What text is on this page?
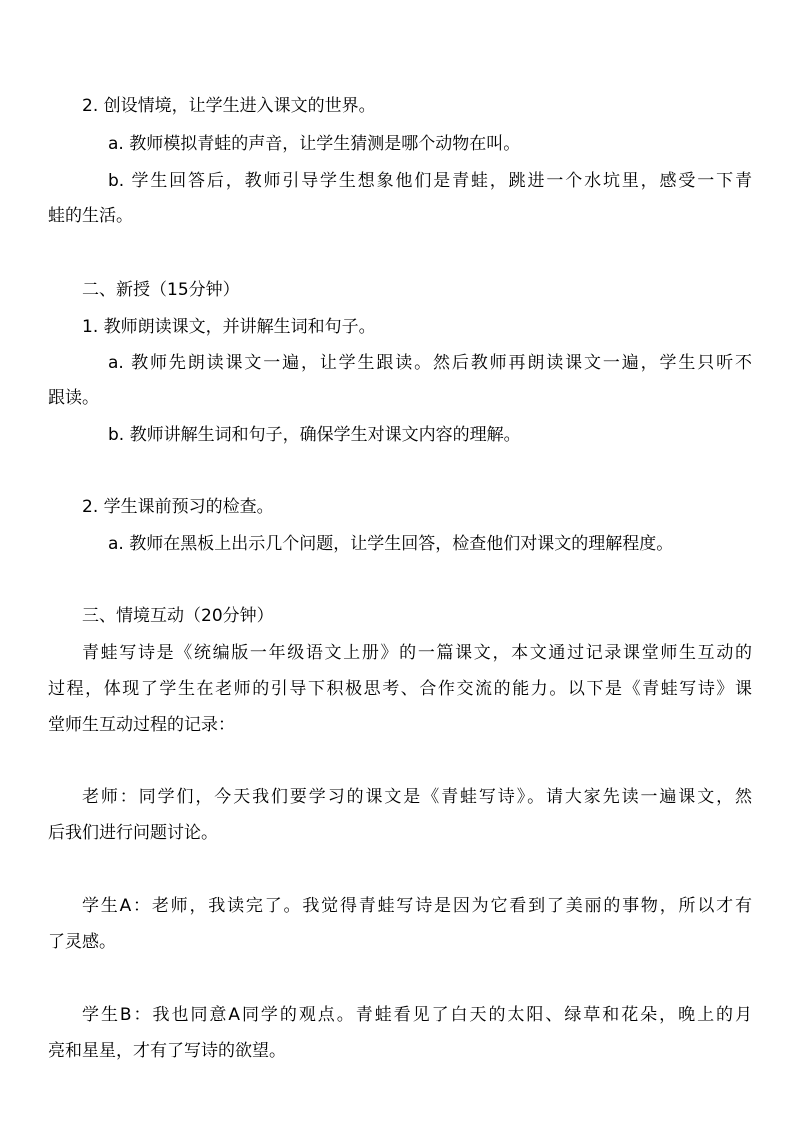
2. 创设情境，让学生进入课文的世界。
a. 教师模拟青蛙的声音，让学生猜测是哪个动物在叫。
b. 学生回答后，教师引导学生想象他们是青蛙，跳进一个水坑里，感受一下青
蛙的生活。
二、新授（15分钟）
1. 教师朗读课文，并讲解生词和句子。
a. 教师先朗读课文一遍，让学生跟读。然后教师再朗读课文一遍，学生只听不
跟读。
b. 教师讲解生词和句子，确保学生对课文内容的理解。
2. 学生课前预习的检查。
a. 教师在黑板上出示几个问题，让学生回答，检查他们对课文的理解程度。
三、情境互动（20分钟）
青蛙写诗是《统编版一年级语文上册》的一篇课文，本文通过记录课堂师生互动的
过程，体现了学生在老师的引导下积极思考、合作交流的能力。以下是《青蛙写诗》课
堂师生互动过程的记录：
老师：同学们，今天我们要学习的课文是《青蛙写诗》。请大家先读一遍课文，然
后我们进行问题讨论。
学生A：老师，我读完了。我觉得青蛙写诗是因为它看到了美丽的事物，所以才有
了灵感。
学生B：我也同意A同学的观点。青蛙看见了白天的太阳、绿草和花朵，晚上的月
亮和星星，才有了写诗的欲望。
